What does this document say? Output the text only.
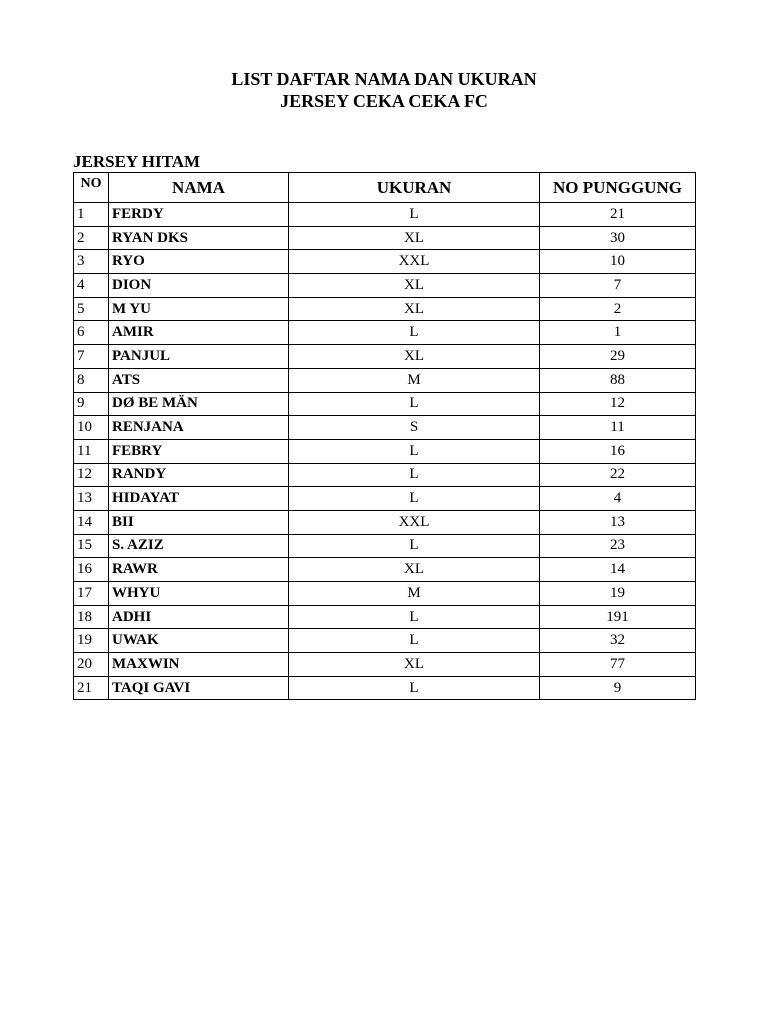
LIST DAFTAR NAMA DAN UKURAN
JERSEY CEKA CEKA FC
JERSEY HITAM
NO	NAMA	UKURAN	NO PUNGGUNG
1	FERDY	L	21
2	RYAN DKS	XL	30
3	RYO	XXL	10
4	DION	XL	7
5	M YU	XL	2
6	AMIR	L	1
7	PANJUL	XL	29
8	ATS	M	88
9	DØ BE MÄN	L	12
10	RENJANA	S	11
11	FEBRY	L	16
12	RANDY	L	22
13	HIDAYAT	L	4
14	BII	XXL	13
15	S. AZIZ	L	23
16	RAWR	XL	14
17	WHYU	M	19
18	ADHI	L	191
19	UWAK	L	32
20	MAXWIN	XL	77
21	TAQI GAVI	L	9
